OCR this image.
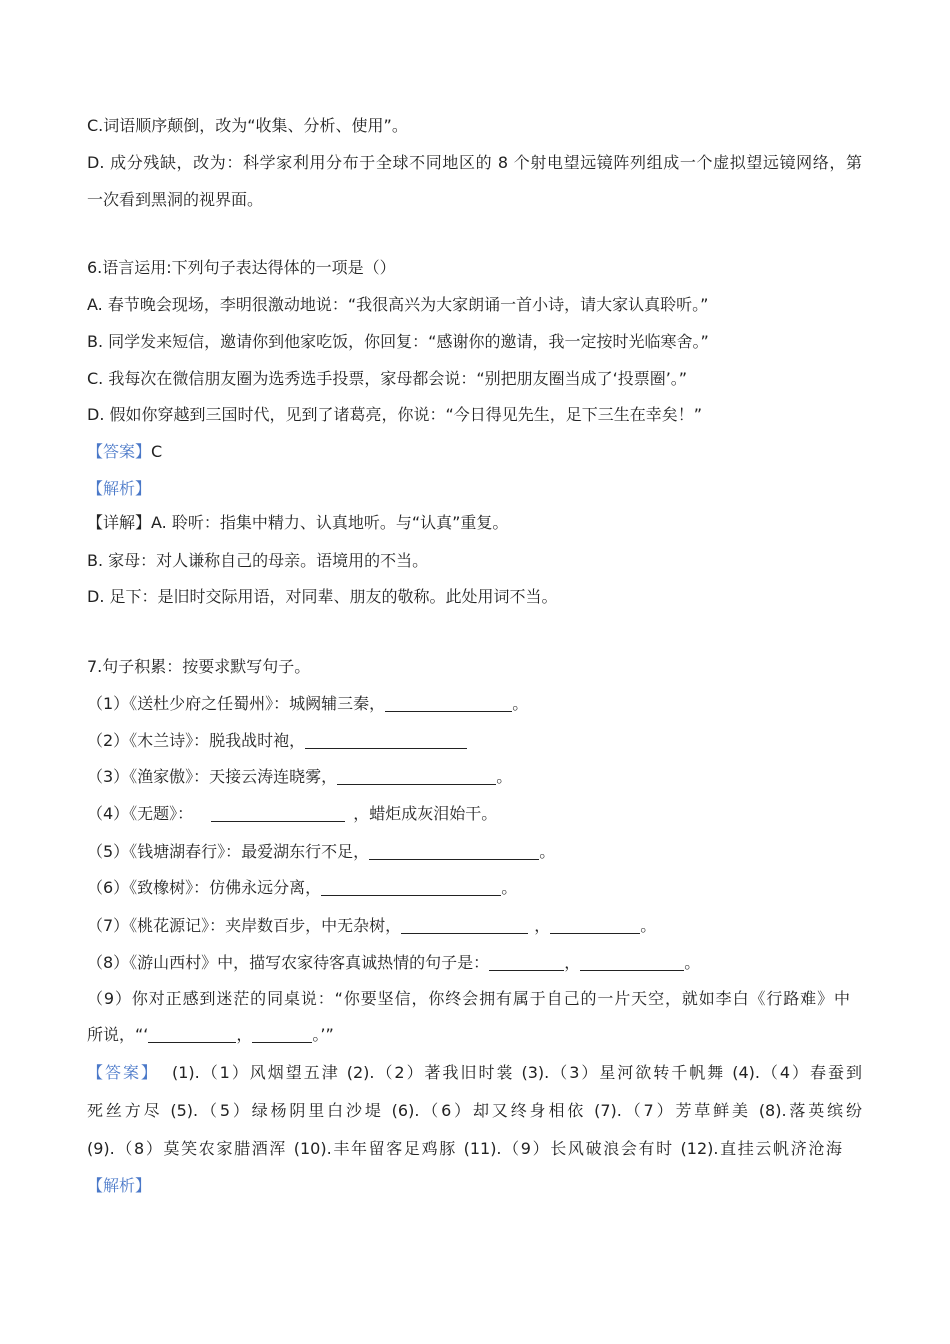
C.词语顺序颠倒，改为“收集、分析、使用”。
D. 成分残缺，改为：科学家利用分布于全球不同地区的 8 个射电望远镜阵列组成一个虚拟望远镜网络，第
一次看到黑洞的视界面。
6.语言运用:下列句子表达得体的一项是（）
A. 春节晚会现场，李明很激动地说：“我很高兴为大家朗诵一首小诗，请大家认真聆听。”
B. 同学发来短信，邀请你到他家吃饭，你回复：“感谢你的邀请，我一定按时光临寒舍。”
C. 我每次在微信朋友圈为选秀选手投票，家母都会说：“别把朋友圈当成了‘投票圈’。”
D. 假如你穿越到三国时代，见到了诸葛亮，你说：“今日得见先生，足下三生在幸矣！”
【答案】C
【解析】
【详解】A. 聆听：指集中精力、认真地听。与“认真”重复。
B. 家母：对人谦称自己的母亲。语境用的不当。
D. 足下：是旧时交际用语，对同辈、朋友的敬称。此处用词不当。
7.句子积累：按要求默写句子。
（1）《送杜少府之任蜀州》：城阙辅三秦，	。
（2）《木兰诗》：脱我战时袍，
（3）《渔家傲》：天接云涛连晓雾，	。
（4）《无题》：	，蜡炬成灰泪始干。
（5）《钱塘湖春行》：最爱湖东行不足，	。
（6）《致橡树》：仿佛永远分离，	。
（7）《桃花源记》：夹岸数百步，中无杂树，	，	。
（8）《游山西村》中，描写农家待客真诚热情的句子是：	，	。
（9）你对正感到迷茫的同桌说：“你要坚信，你终会拥有属于自己的一片天空，就如李白《行路难》中
所说，“‘	，	。’”
【答案】 (1).（1）风烟望五津 (2).（2）著我旧时裳 (3).（3）星河欲转千帆舞 (4).（4）春蚕到
死丝方尽 (5).（5）绿杨阴里白沙堤 (6).（6）却又终身相依 (7).（7）芳草鲜美 (8).落英缤纷
(9).（8）莫笑农家腊酒浑 (10).丰年留客足鸡豚 (11).（9）长风破浪会有时 (12).直挂云帆济沧海
【解析】
